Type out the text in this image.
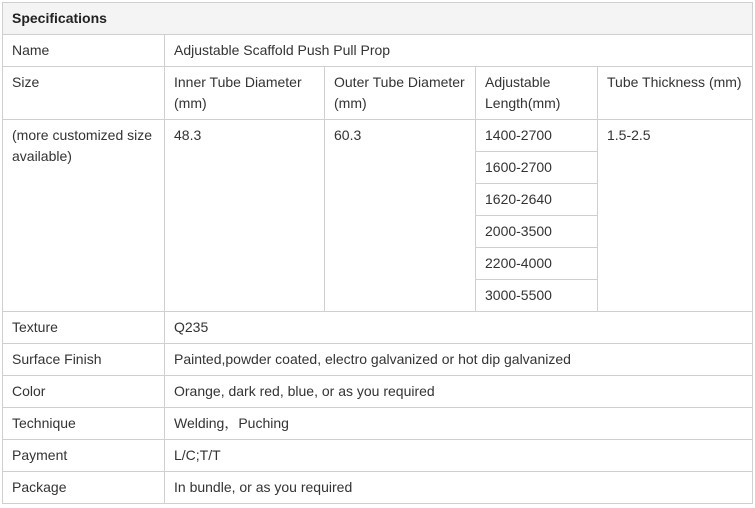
Specifications				
Name	Adjustable Scaffold Push Pull Prop			
Size	Inner Tube Diameter (mm)	Outer Tube Diameter (mm)	Adjustable Length(mm)	Tube Thickness (mm)
(more customized size available)	48.3	60.3	1400-2700	1.5-2.5
			1600-2700	
			1620-2640	
			2000-3500	
			2200-4000	
			3000-5500	
Texture	Q235			
Surface Finish	Painted,powder coated, electro galvanized or hot dip galvanized			
Color	Orange, dark red, blue, or as you required			
Technique	Welding，Puching			
Payment	L/C;T/T			
Package	In bundle, or as you required			
